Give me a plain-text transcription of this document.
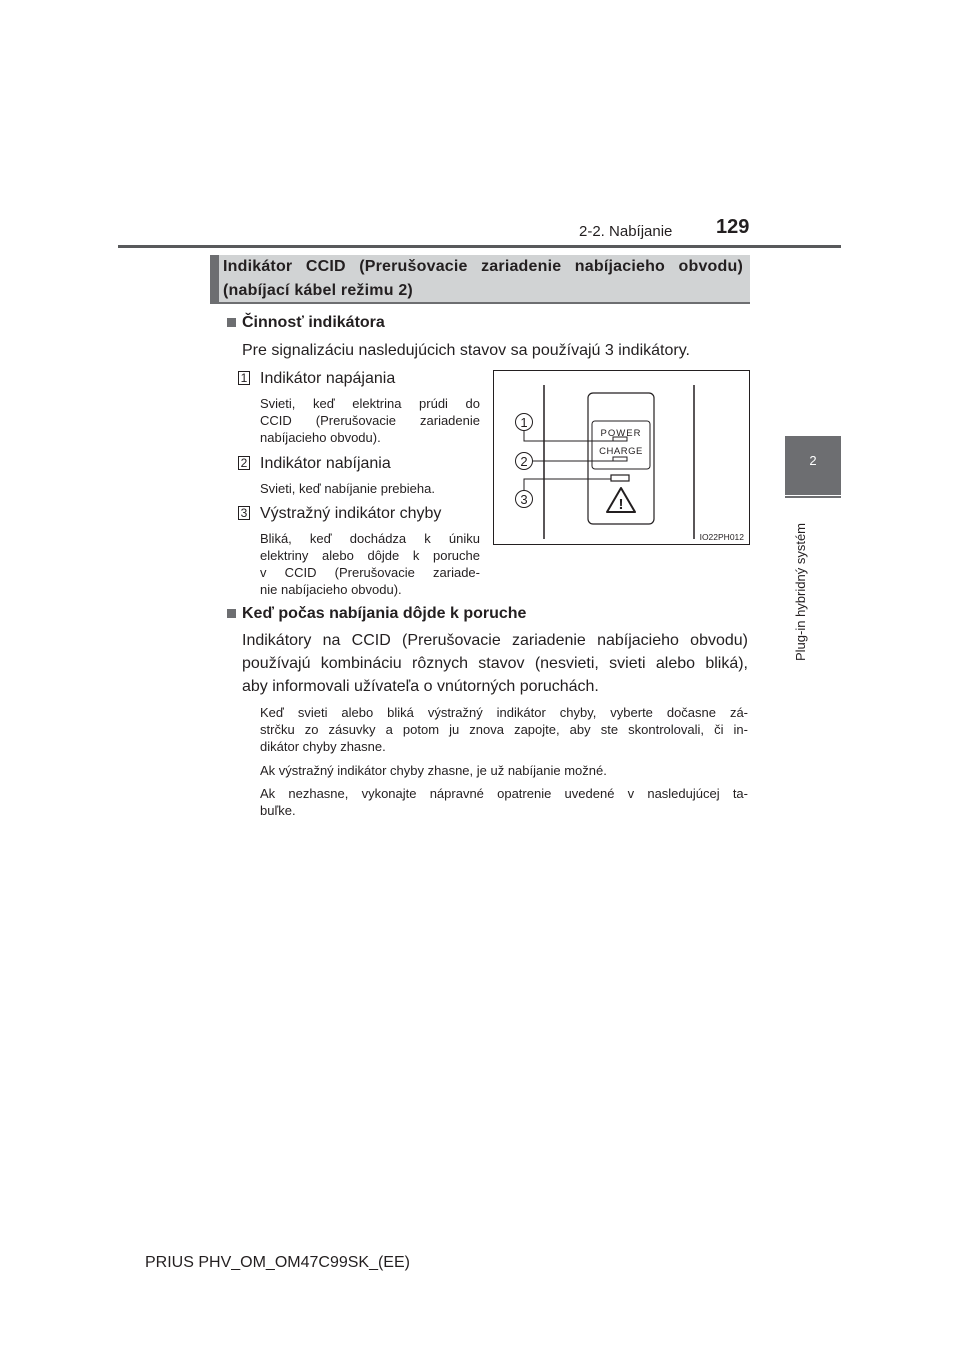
2-2. Nabíjanie 129
2
Plug-in hybridný systém
Indikátor CCID (Prerušovacie zariadenie nabíjacieho obvodu)
(nabíjací kábel režimu 2)
Činnosť indikátora
Pre signalizáciu nasledujúcich stavov sa používajú 3 indikátory.
1 Indikátor napájania
Svieti, keď elektrina prúdi do
CCID (Prerušovacie zariadenie
nabíjacieho obvodu).
2 Indikátor nabíjania
Svieti, keď nabíjanie prebieha.
3 Výstražný indikátor chyby
Bliká, keď dochádza k úniku
elektriny alebo dôjde k poruche
v CCID (Prerušovacie zariade-
nie nabíjacieho obvodu).
POWER
CHARGE
!
1
2
3
IO22PH012
Keď počas nabíjania dôjde k poruche
Indikátory na CCID (Prerušovacie zariadenie nabíjacieho obvodu)
používajú kombináciu rôznych stavov (nesvieti, svieti alebo bliká),
aby informovali užívateľa o vnútorných poruchách.
Keď svieti alebo bliká výstražný indikátor chyby, vyberte dočasne zá-
strčku zo zásuvky a potom ju znova zapojte, aby ste skontrolovali, či in-
dikátor chyby zhasne.
Ak výstražný indikátor chyby zhasne, je už nabíjanie možné.
Ak nezhasne, vykonajte nápravné opatrenie uvedené v nasledujúcej ta-
buľke.
PRIUS PHV_OM_OM47C99SK_(EE)
